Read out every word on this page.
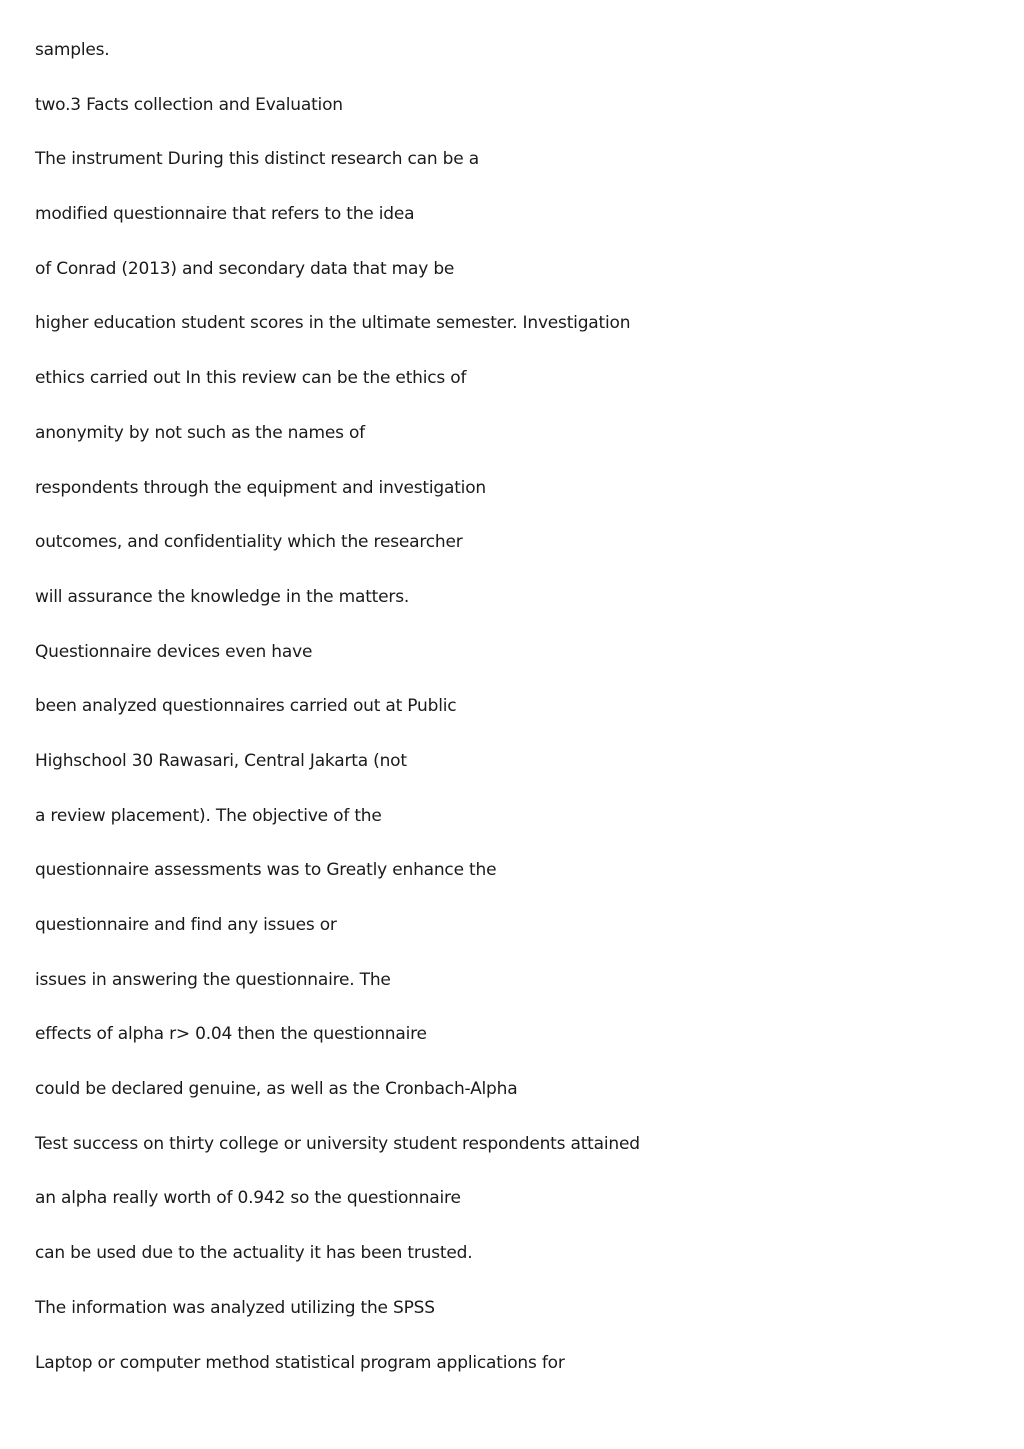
samples.

two.3 Facts collection and Evaluation

The instrument During this distinct research can be a

modified questionnaire that refers to the idea

of Conrad (2013) and secondary data that may be

higher education student scores in the ultimate semester. Investigation

ethics carried out In this review can be the ethics of

anonymity by not such as the names of

respondents through the equipment and investigation

outcomes, and confidentiality which the researcher

will assurance the knowledge in the matters.

Questionnaire devices even have

been analyzed questionnaires carried out at Public

Highschool 30 Rawasari, Central Jakarta (not

a review placement). The objective of the

questionnaire assessments was to Greatly enhance the

questionnaire and find any issues or

issues in answering the questionnaire. The

effects of alpha r> 0.04 then the questionnaire

could be declared genuine, as well as the Cronbach-Alpha

Test success on thirty college or university student respondents attained

an alpha really worth of 0.942 so the questionnaire

can be used due to the actuality it has been trusted.

The information was analyzed utilizing the SPSS

Laptop or computer method statistical program applications for
